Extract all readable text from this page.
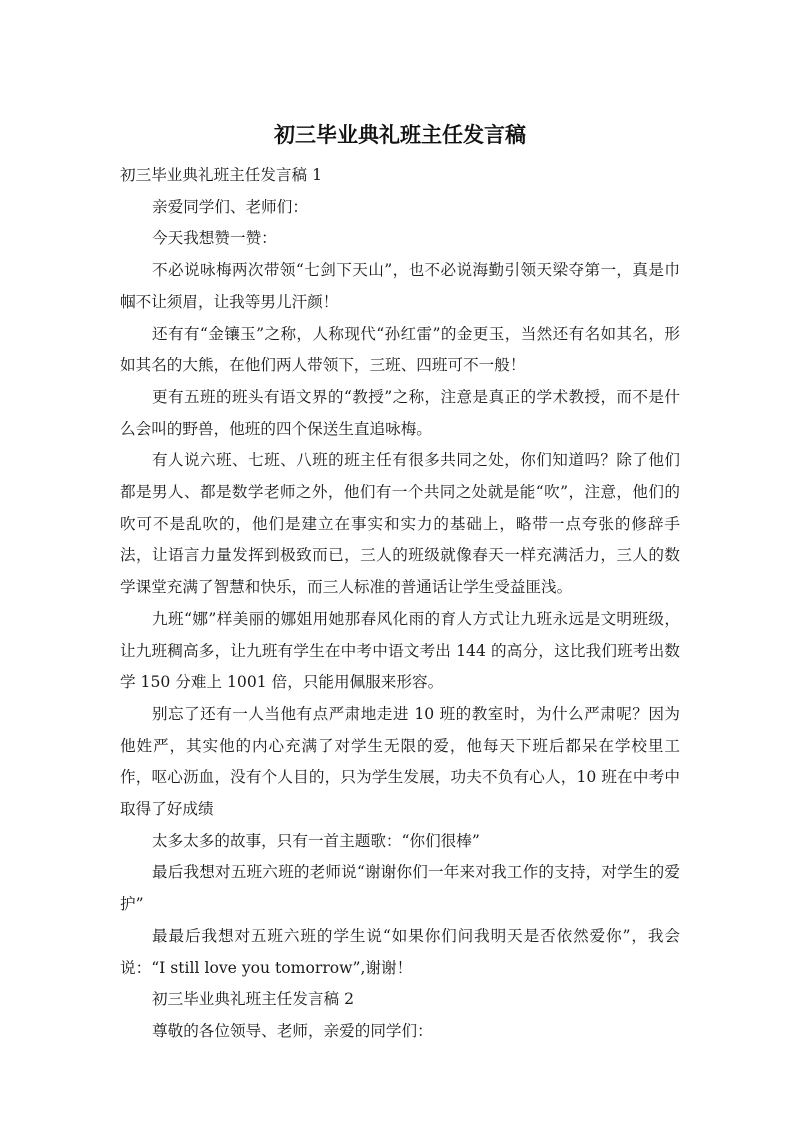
初三毕业典礼班主任发言稿

初三毕业典礼班主任发言稿 1

亲爱同学们、老师们：

今天我想赞一赞：

不必说咏梅两次带领“七剑下天山”，也不必说海勤引领天梁夺第一，真是巾帼不让须眉，让我等男儿汗颜！

还有有“金镶玉”之称，人称现代“孙红雷”的金更玉，当然还有名如其名，形如其名的大熊，在他们两人带领下，三班、四班可不一般！

更有五班的班头有语文界的“教授”之称，注意是真正的学术教授，而不是什么会叫的野兽，他班的四个保送生直追咏梅。

有人说六班、七班、八班的班主任有很多共同之处，你们知道吗？除了他们都是男人、都是数学老师之外，他们有一个共同之处就是能“吹”，注意，他们的吹可不是乱吹的，他们是建立在事实和实力的基础上，略带一点夸张的修辞手法，让语言力量发挥到极致而已，三人的班级就像春天一样充满活力，三人的数学课堂充满了智慧和快乐，而三人标准的普通话让学生受益匪浅。

九班“娜”样美丽的娜姐用她那春风化雨的育人方式让九班永远是文明班级，让九班稠高多，让九班有学生在中考中语文考出 144 的高分，这比我们班考出数学 150 分难上 1001 倍，只能用佩服来形容。

别忘了还有一人当他有点严肃地走进 10 班的教室时，为什么严肃呢？因为他姓严，其实他的内心充满了对学生无限的爱，他每天下班后都呆在学校里工作，呕心沥血，没有个人目的，只为学生发展，功夫不负有心人，10 班在中考中取得了好成绩

太多太多的故事，只有一首主题歌：“你们很棒”

最后我想对五班六班的老师说“谢谢你们一年来对我工作的支持，对学生的爱护”

最最后我想对五班六班的学生说“如果你们问我明天是否依然爱你”，我会说：“I still love you tomorrow”,谢谢！

初三毕业典礼班主任发言稿 2

尊敬的各位领导、老师，亲爱的同学们：
